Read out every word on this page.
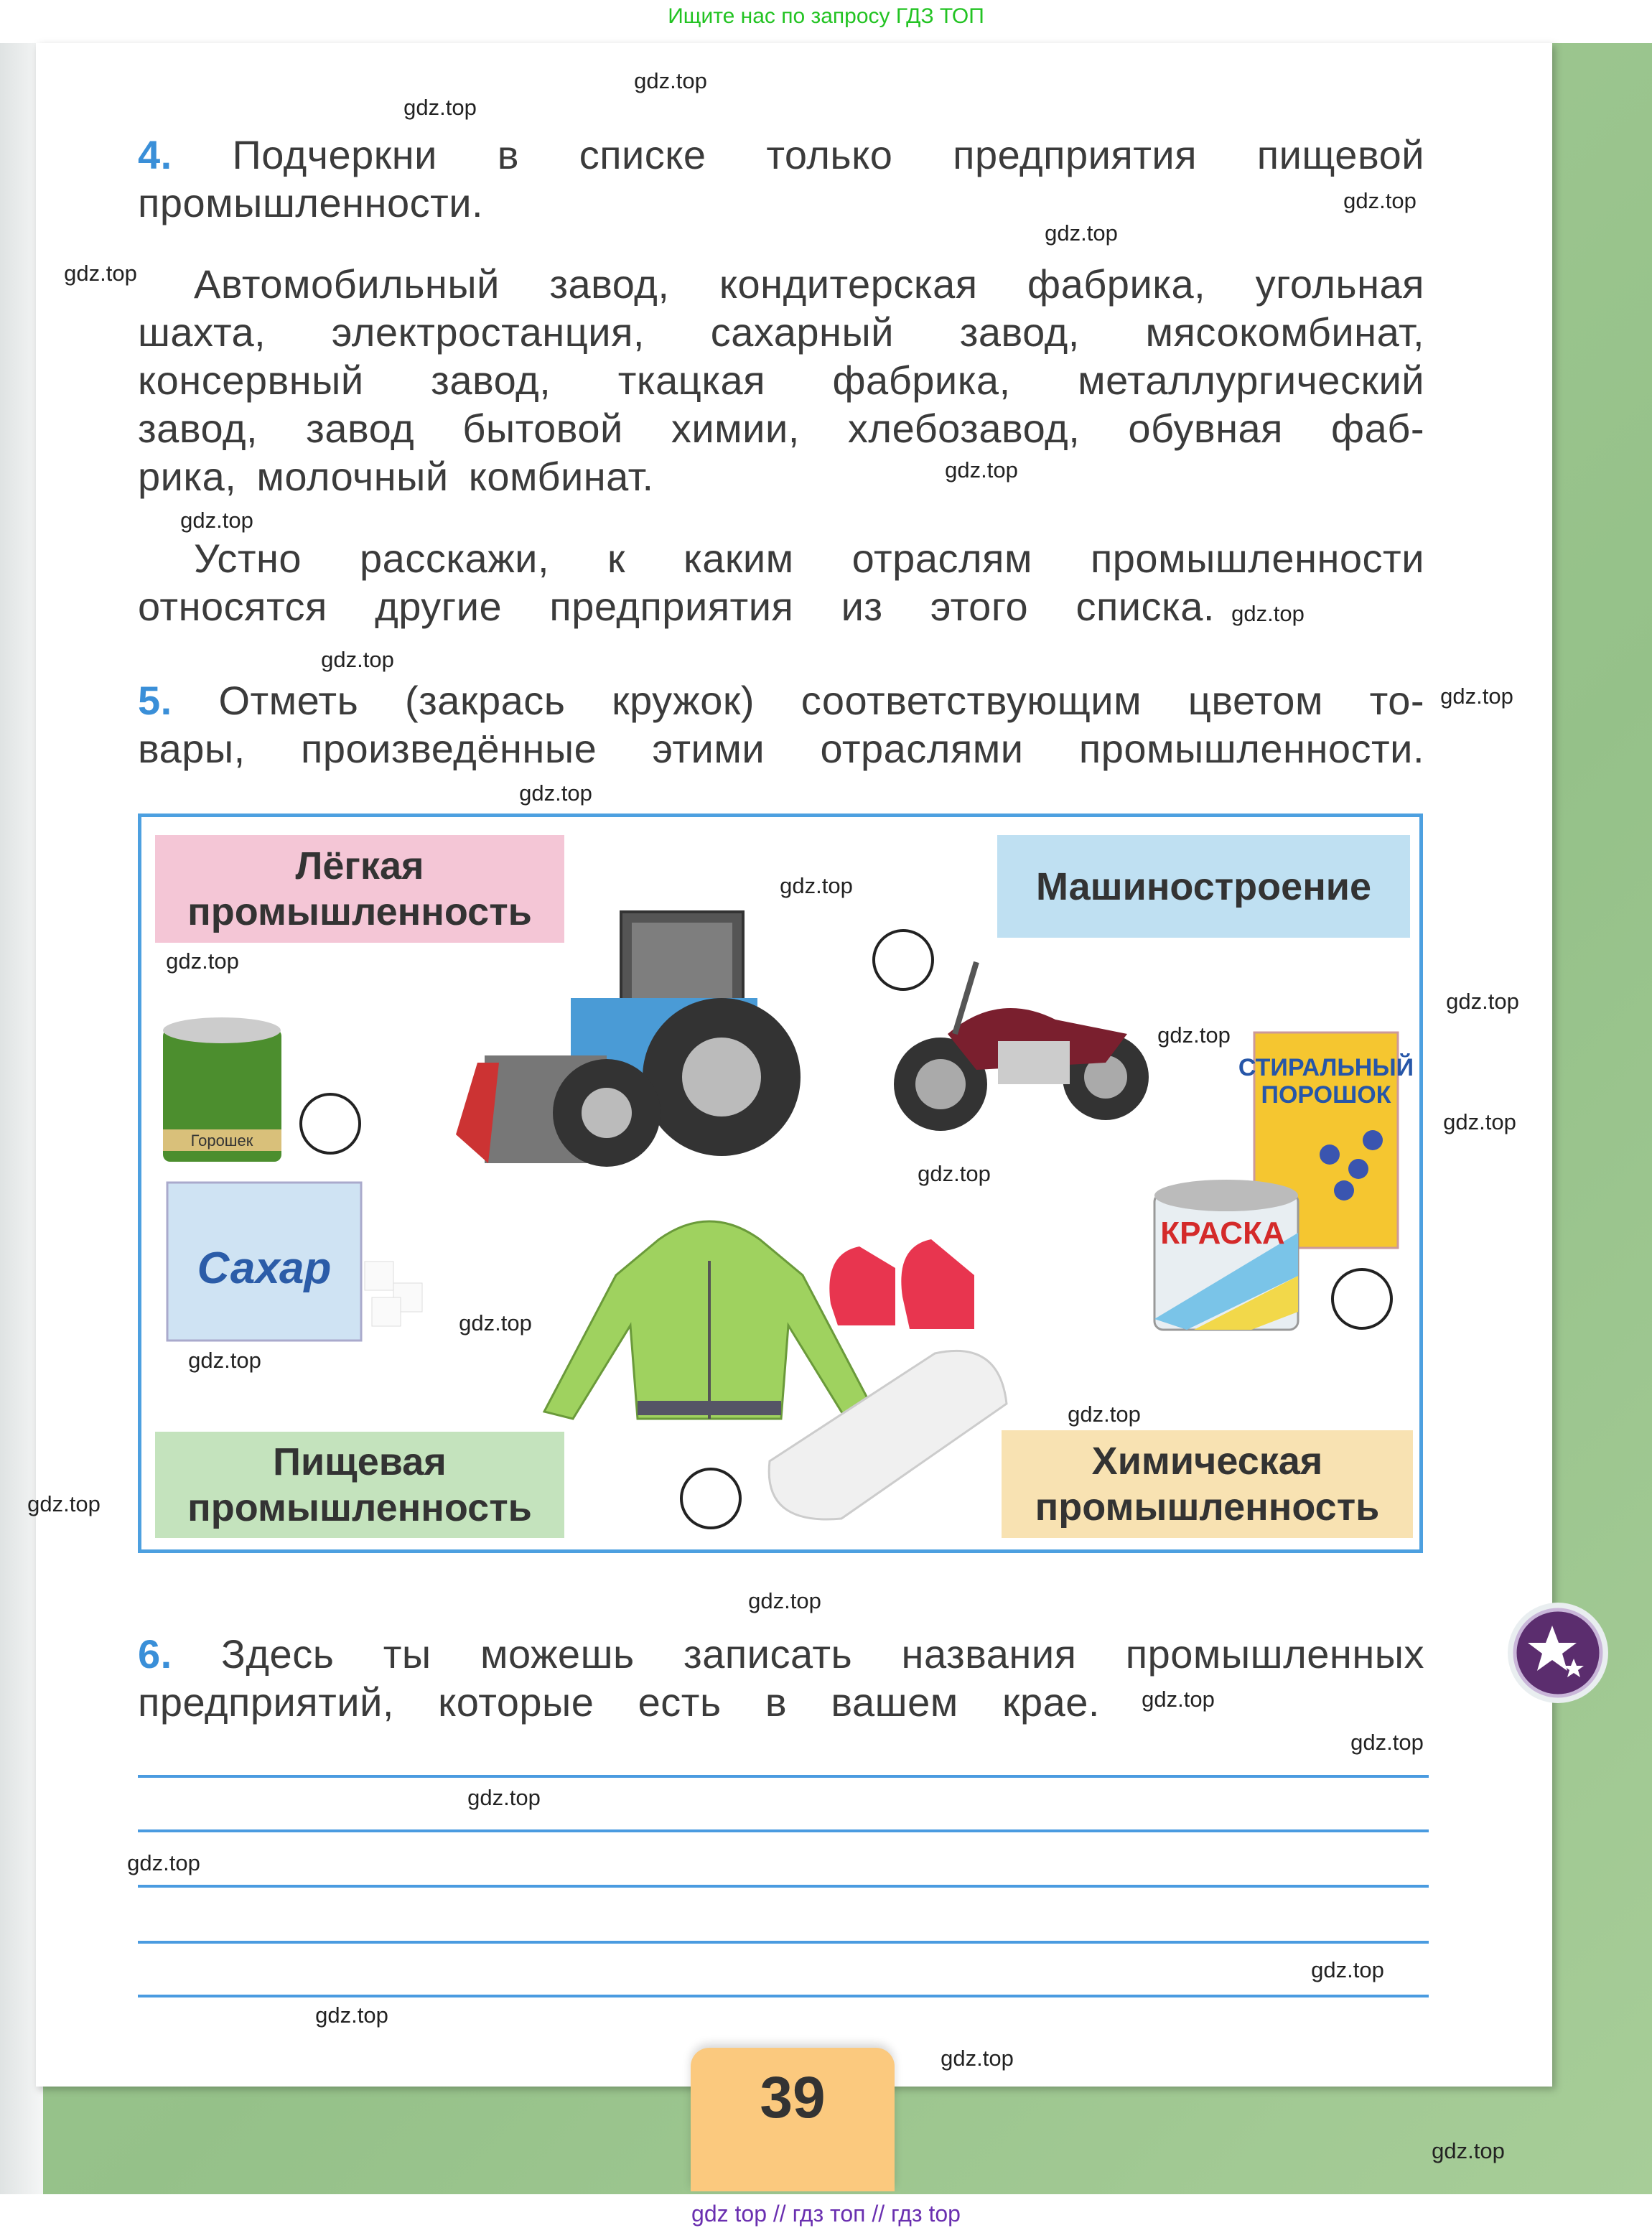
Ищите нас по запросу ГДЗ ТОП
4. Подчеркни в списке только предприятия пищевой
промышленности.
Автомобильный завод, кондитерская фабрика, угольная
шахта, электростанция, сахарный завод, мясокомбинат,
консервный завод, ткацкая фабрика, металлургический
завод, завод бытовой химии, хлебозавод, обувная фаб-
рика, молочный комбинат.
Устно расскажи, к каким отраслям промышленности
относятся другие предприятия из этого списка.
5. Отметь (закрась кружок) соответствующим цветом то-
вары, произведённые этими отраслями промышленности.
Лёгкая
промышленность
Машиностроение
Пищевая
промышленность
Химическая
промышленность
Горошек
Сахар
СТИРАЛЬНЫЙ
ПОРОШОК
КРАСКА
6. Здесь ты можешь записать названия промышленных
предприятий, которые есть в вашем крае.
39
gdz top // гдз топ // гдз top
gdz.top
gdz.top
gdz.top
gdz.top
gdz.top
gdz.top
gdz.top
gdz.top
gdz.top
gdz.top
gdz.top
gdz.top
gdz.top
gdz.top
gdz.top
gdz.top
gdz.top
gdz.top
gdz.top
gdz.top
gdz.top
gdz.top
gdz.top
gdz.top
gdz.top
gdz.top
gdz.top
gdz.top
gdz.top
gdz.top
